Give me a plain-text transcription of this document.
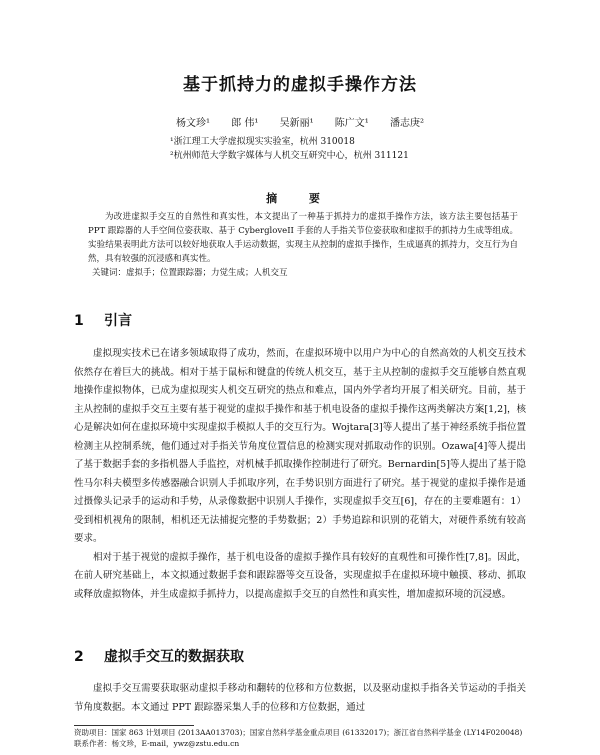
基于抓持力的虚拟手操作方法
杨文珍¹ 郎 伟¹ 吴新丽¹ 陈广文¹ 潘志庚²
¹浙江理工大学虚拟现实实验室，杭州 310018
²杭州师范大学数字媒体与人机交互研究中心，杭州 311121
摘 要
为改进虚拟手交互的自然性和真实性，本文提出了一种基于抓持力的虚拟手操作方法，该方法主要包括基于 PPT 跟踪器的人手空间位姿获取、基于 CybergloveII 手套的人手指关节位姿获取和虚拟手的抓持力生成等组成。实验结果表明此方法可以较好地获取人手运动数据，实现主从控制的虚拟手操作，生成逼真的抓持力，交互行为自然，具有较强的沉浸感和真实性。
关键词：虚拟手；位置跟踪器；力觉生成；人机交互
1 引言

虚拟现实技术已在诸多领域取得了成功，然而，在虚拟环境中以用户为中心的自然高效的人机交互技术依然存在着巨大的挑战。相对于基于鼠标和键盘的传统人机交互，基于主从控制的虚拟手交互能够自然直观地操作虚拟物体，已成为虚拟现实人机交互研究的热点和难点，国内外学者均开展了相关研究。目前，基于主从控制的虚拟手交互主要有基于视觉的虚拟手操作和基于机电设备的虚拟手操作这两类解决方案[1,2]，核心是解决如何在虚拟环境中实现虚拟手模拟人手的交互行为。Wojtara[3]等人提出了基于神经系统手指位置检测主从控制系统，他们通过对手指关节角度位置信息的检测实现对抓取动作的识别。Ozawa[4]等人提出了基于数据手套的多指机器人手监控，对机械手抓取操作控制进行了研究。Bernardin[5]等人提出了基于隐性马尔科夫模型多传感器融合识别人手抓取序列，在手势识别方面进行了研究。基于视觉的虚拟手操作是通过摄像头记录手的运动和手势，从录像数据中识别人手操作，实现虚拟手交互[6]，存在的主要难题有：1）受到相机视角的限制，相机还无法捕捉完整的手势数据；2）手势追踪和识别的花销大，对硬件系统有较高要求。

相对于基于视觉的虚拟手操作，基于机电设备的虚拟手操作具有较好的直观性和可操作性[7,8]。因此，在前人研究基础上，本文拟通过数据手套和跟踪器等交互设备，实现虚拟手在虚拟环境中触摸、移动、抓取或释放虚拟物体，并生成虚拟手抓持力，以提高虚拟手交互的自然性和真实性，增加虚拟环境的沉浸感。

2 虚拟手交互的数据获取

虚拟手交互需要获取驱动虚拟手移动和翻转的位移和方位数据，以及驱动虚拟手指各关节运动的手指关节角度数据。本文通过 PPT 跟踪器采集人手的位移和方位数据，通过

资助项目：国家 863 计划项目 (2013AA013703)；国家自然科学基金重点项目 (61332017)；浙江省自然科学基金 (LY14F020048)
联系作者：杨文珍，E-mail，ywz@zstu.edu.cn
